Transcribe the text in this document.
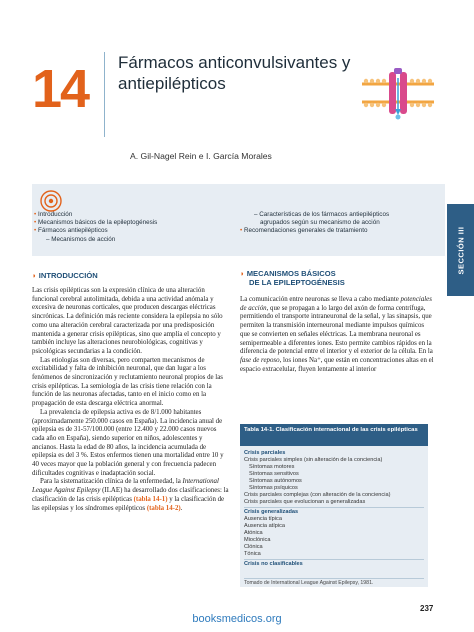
14 Fármacos anticonvulsivantes y
antiepilépticos
A. Gil-Nagel Rein e I. García Morales
• Introducción
• Mecanismos básicos de la epileptogénesis
• Fármacos antiepilépticos
– Mecanismos de acción
– Características de los fármacos antiepilépticos
agrupados según su mecanismo de acción
• Recomendaciones generales de tratamiento	SECCIÓN III
◗ INTRODUCCIÓN

Las crisis epilépticas son la expresión clínica de una alteración funcional cerebral autolimitada, debida a una actividad anómala y excesiva de neuronas corticales, que producen descargas eléctricas sincrónicas. La definición más reciente considera la epilepsia no sólo como una alteración cerebral caracterizada por una predisposición mantenida a generar crisis epilépticas, sino que amplía el concepto y también incluye las alteraciones neurobiológicas, cognitivas y psicológicas secundarias a la condición.

Las etiologías son diversas, pero comparten mecanismos de excitabilidad y falta de inhibición neuronal, que dan lugar a los fenómenos de sincronización y reclutamiento neuronal propios de las crisis epilépticas. La semiología de las crisis tiene relación con la función de las neuronas afectadas, tanto en el inicio como en la propagación de esta descarga eléctrica anormal.

La prevalencia de epilepsia activa es de 8/1.000 habitantes (aproximadamente 250.000 casos en España). La incidencia anual de epilepsia es de 31-57/100.000 (entre 12.400 y 22.000 casos nuevos cada año en España), siendo superior en niños, adolescentes y ancianos. Hasta la edad de 80 años, la incidencia acumulada de epilepsia es del 3 %. Estos enfermos tienen una mortalidad entre 10 y 40 veces mayor que la población general y con frecuencia padecen dificultades cognitivas e inadaptación social.

Para la sistematización clínica de la enfermedad, la International League Against Epilepsy (ILAE) ha desarrollado dos clasificaciones: la clasificación de las crisis epilépticas (tabla 14-1) y la clasificación de las epilepsias y los síndromes epilépticos (tabla 14-2).

◗ MECANISMOS BÁSICOS
DE LA EPILEPTOGÉNESIS

La comunicación entre neuronas se lleva a cabo mediante potenciales de acción, que se propagan a lo largo del axón de forma centrífuga, permitiendo el transporte intraneuronal de la señal, y las sinapsis, que permiten la transmisión interneuronal mediante impulsos químicos que se convierten en señales eléctricas. La membrana neuronal es semipermeable a diferentes iones. Esto permite cambios rápidos en la diferencia de potencial entre el interior y el exterior de la célula. En la fase de reposo, los iones Na⁺, que están en concentraciones altas en el espacio extracelular, fluyen lentamente al interior

Tabla 14-1. Clasificación internacional de las crisis epilépticas
Crisis parciales
Crisis parciales simples (sin alteración de la conciencia)
Síntomas motores
Síntomas sensitivos
Síntomas autónomos
Síntomas psíquicos
Crisis parciales complejas (con alteración de la conciencia)
Crisis parciales que evolucionan a generalizadas
Crisis generalizadas
Ausencia típica
Ausencia atípica
Atónica
Mioclónica
Clónica
Tónica
Crisis no clasificables
Tomado de International League Against Epilepsy, 1981.
237
booksmedicos.org
